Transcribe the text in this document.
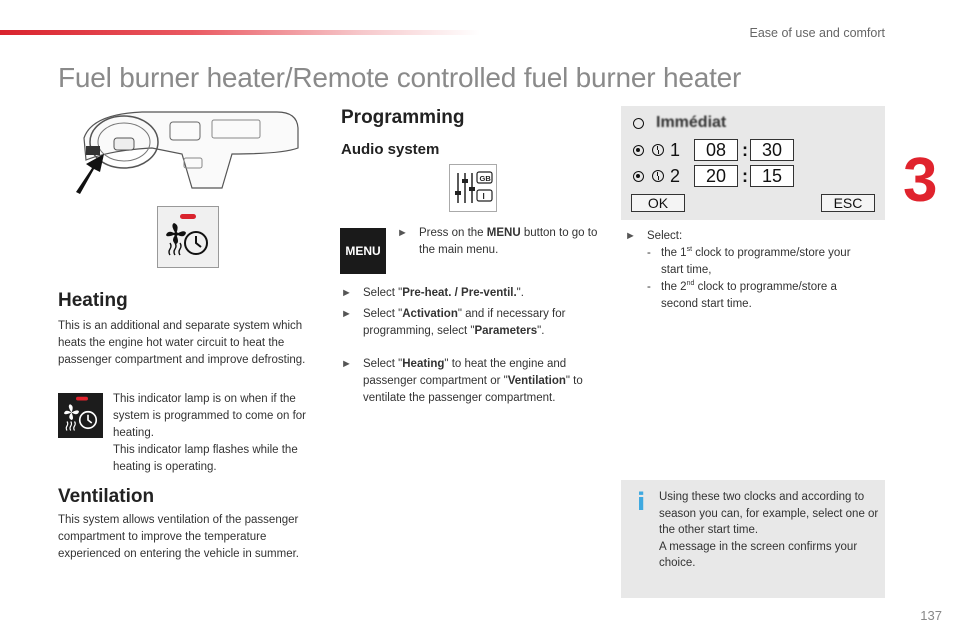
Ease of use and comfort
Fuel burner heater/Remote controlled fuel burner heater
3
137
Heating

This is an additional and separate system which heats the engine hot water circuit to heat the passenger compartment and improve defrosting.

This indicator lamp is on when if the system is programmed to come on for heating.
This indicator lamp flashes while the heating is operating.
Ventilation

This system allows ventilation of the passenger compartment to improve the temperature experienced on entering the vehicle in summer.

Programming
Audio system
GB
I
MENU
► Press on the MENU button to go to the main menu.
► Select "Pre-heat. / Pre-ventil.".
► Select "Activation" and if necessary for programming, select "Parameters".
► Select "Heating" to heat the engine and passenger compartment or "Ventilation" to ventilate the passenger compartment.
Immédiat
1	08 : 30
2	20 : 15
OK	ESC
► Select:
- the 1st clock to programme/store your start time,
- the 2nd clock to programme/store a second start time.
i Using these two clocks and according to season you can, for example, select one or the other start time.
A message in the screen confirms your choice.
